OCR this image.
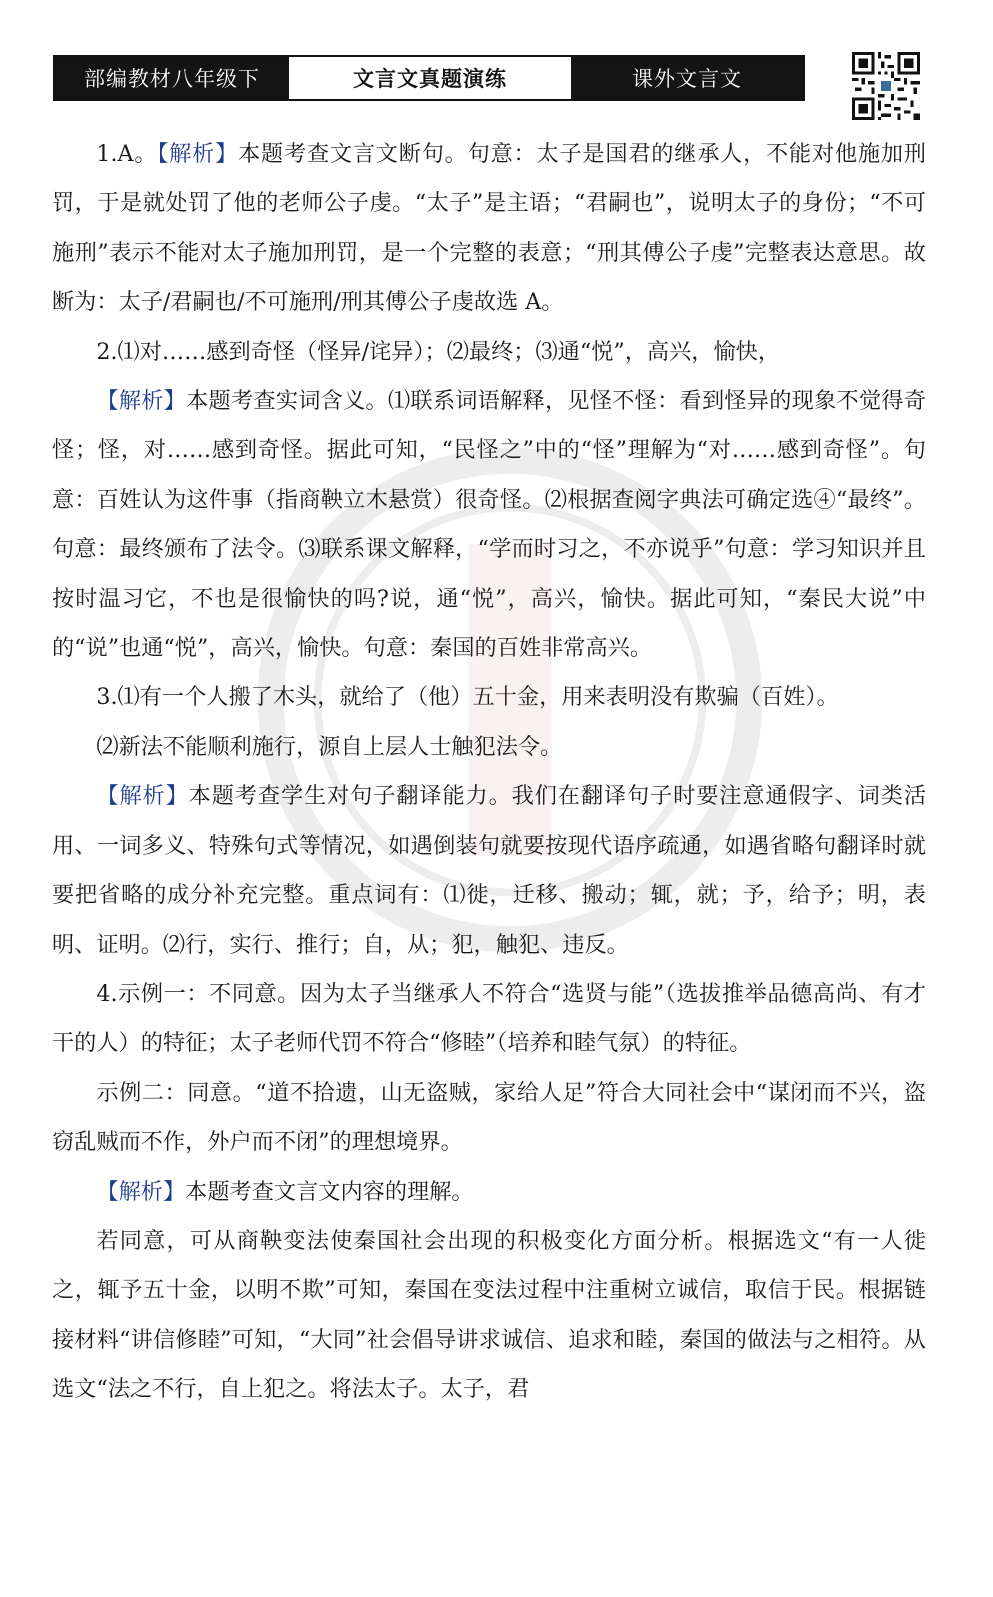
部编教材八年级下	文言文真题演练	课外文言文

1.A。【解析】本题考查文言文断句。句意：太子是国君的继承人，不能对他施加刑罚，于是就处罚了他的老师公子虔。“太子”是主语；“君嗣也”，说明太子的身份；“不可施刑”表示不能对太子施加刑罚，是一个完整的表意；“刑其傅公子虔”完整表达意思。故断为：太子/君嗣也/不可施刑/刑其傅公子虔故选 A。

2.⑴对……感到奇怪（怪异/诧异）；⑵最终；⑶通“悦”，高兴，愉快，

【解析】本题考查实词含义。⑴联系词语解释，见怪不怪：看到怪异的现象不觉得奇怪；怪，对……感到奇怪。据此可知，“民怪之”中的“怪”理解为“对……感到奇怪”。句意：百姓认为这件事（指商鞅立木悬赏）很奇怪。⑵根据查阅字典法可确定选④“最终”。句意：最终颁布了法令。⑶联系课文解释，“学而时习之，不亦说乎”句意：学习知识并且按时温习它，不也是很愉快的吗?说，通“悦”，高兴，愉快。据此可知，“秦民大说”中的“说”也通“悦”，高兴，愉快。句意：秦国的百姓非常高兴。

3.⑴有一个人搬了木头，就给了（他）五十金，用来表明没有欺骗（百姓）。

⑵新法不能顺利施行，源自上层人士触犯法令。

【解析】本题考查学生对句子翻译能力。我们在翻译句子时要注意通假字、词类活用、一词多义、特殊句式等情况，如遇倒装句就要按现代语序疏通，如遇省略句翻译时就要把省略的成分补充完整。重点词有：⑴徙，迁移、搬动；辄，就；予，给予；明，表明、证明。⑵行，实行、推行；自，从；犯，触犯、违反。

4.示例一：不同意。因为太子当继承人不符合“选贤与能”（选拔推举品德高尚、有才干的人）的特征；太子老师代罚不符合“修睦”（培养和睦气氛）的特征。

示例二：同意。“道不拾遗，山无盗贼，家给人足”符合大同社会中“谋闭而不兴，盗窃乱贼而不作，外户而不闭”的理想境界。

【解析】本题考查文言文内容的理解。

若同意，可从商鞅变法使秦国社会出现的积极变化方面分析。根据选文“有一人徙之，辄予五十金，以明不欺”可知，秦国在变法过程中注重树立诚信，取信于民。根据链接材料“讲信修睦”可知，“大同”社会倡导讲求诚信、追求和睦，秦国的做法与之相符。从选文“法之不行，自上犯之。将法太子。太子，君
